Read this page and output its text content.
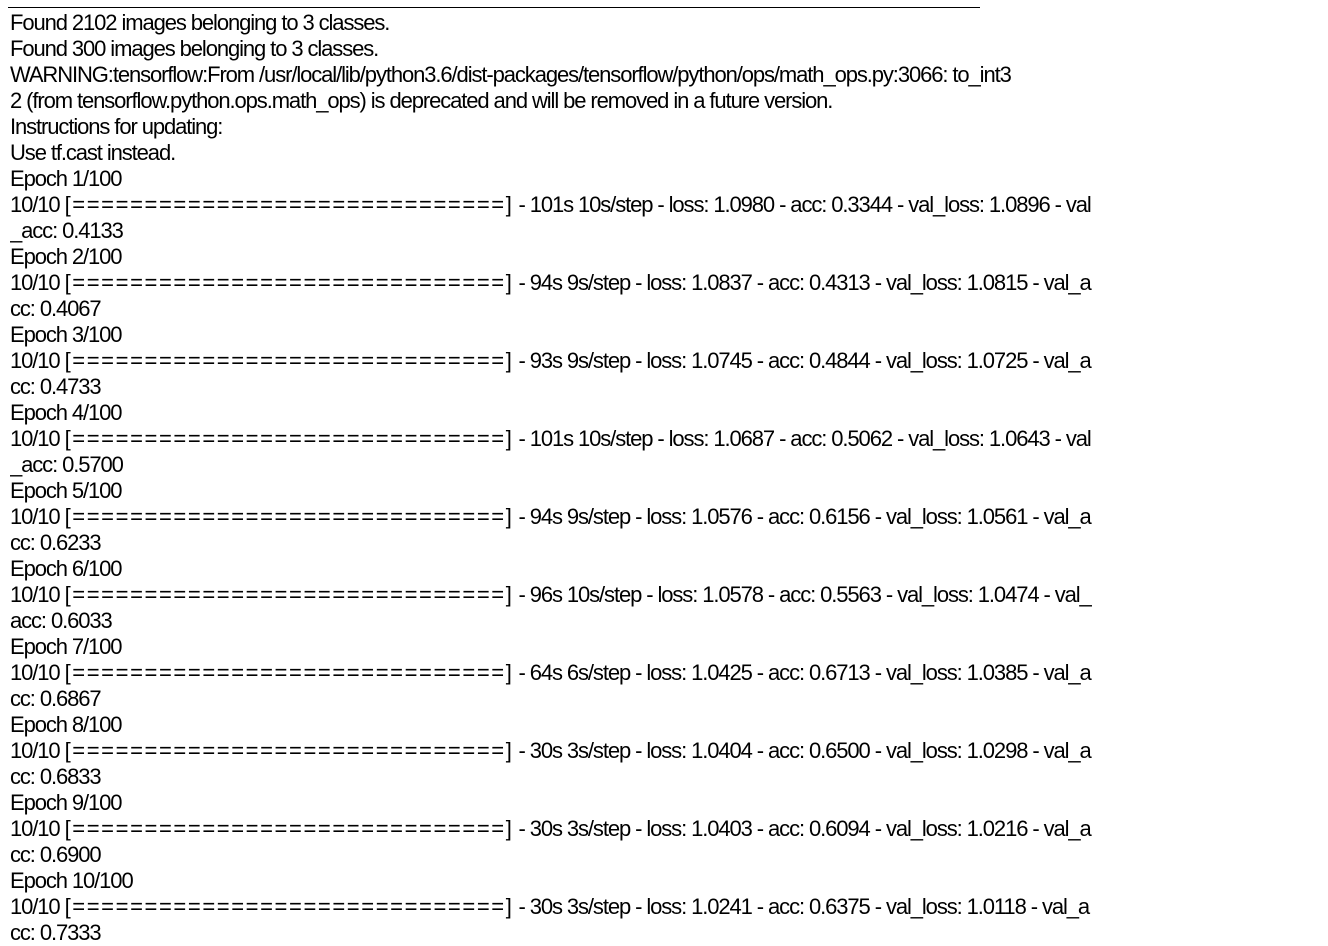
Found 2102 images belonging to 3 classes.
Found 300 images belonging to 3 classes.
WARNING:tensorflow:From /usr/local/lib/python3.6/dist-packages/tensorflow/python/ops/math_ops.py:3066: to_int3
2 (from tensorflow.python.ops.math_ops) is deprecated and will be removed in a future version.
Instructions for updating:
Use tf.cast instead.
Epoch 1/100
10/10 [==============================] - 101s 10s/step - loss: 1.0980 - acc: 0.3344 - val_loss: 1.0896 - val
_acc: 0.4133
Epoch 2/100
10/10 [==============================] - 94s 9s/step - loss: 1.0837 - acc: 0.4313 - val_loss: 1.0815 - val_a
cc: 0.4067
Epoch 3/100
10/10 [==============================] - 93s 9s/step - loss: 1.0745 - acc: 0.4844 - val_loss: 1.0725 - val_a
cc: 0.4733
Epoch 4/100
10/10 [==============================] - 101s 10s/step - loss: 1.0687 - acc: 0.5062 - val_loss: 1.0643 - val
_acc: 0.5700
Epoch 5/100
10/10 [==============================] - 94s 9s/step - loss: 1.0576 - acc: 0.6156 - val_loss: 1.0561 - val_a
cc: 0.6233
Epoch 6/100
10/10 [==============================] - 96s 10s/step - loss: 1.0578 - acc: 0.5563 - val_loss: 1.0474 - val_
acc: 0.6033
Epoch 7/100
10/10 [==============================] - 64s 6s/step - loss: 1.0425 - acc: 0.6713 - val_loss: 1.0385 - val_a
cc: 0.6867
Epoch 8/100
10/10 [==============================] - 30s 3s/step - loss: 1.0404 - acc: 0.6500 - val_loss: 1.0298 - val_a
cc: 0.6833
Epoch 9/100
10/10 [==============================] - 30s 3s/step - loss: 1.0403 - acc: 0.6094 - val_loss: 1.0216 - val_a
cc: 0.6900
Epoch 10/100
10/10 [==============================] - 30s 3s/step - loss: 1.0241 - acc: 0.6375 - val_loss: 1.0118 - val_a
cc: 0.7333
